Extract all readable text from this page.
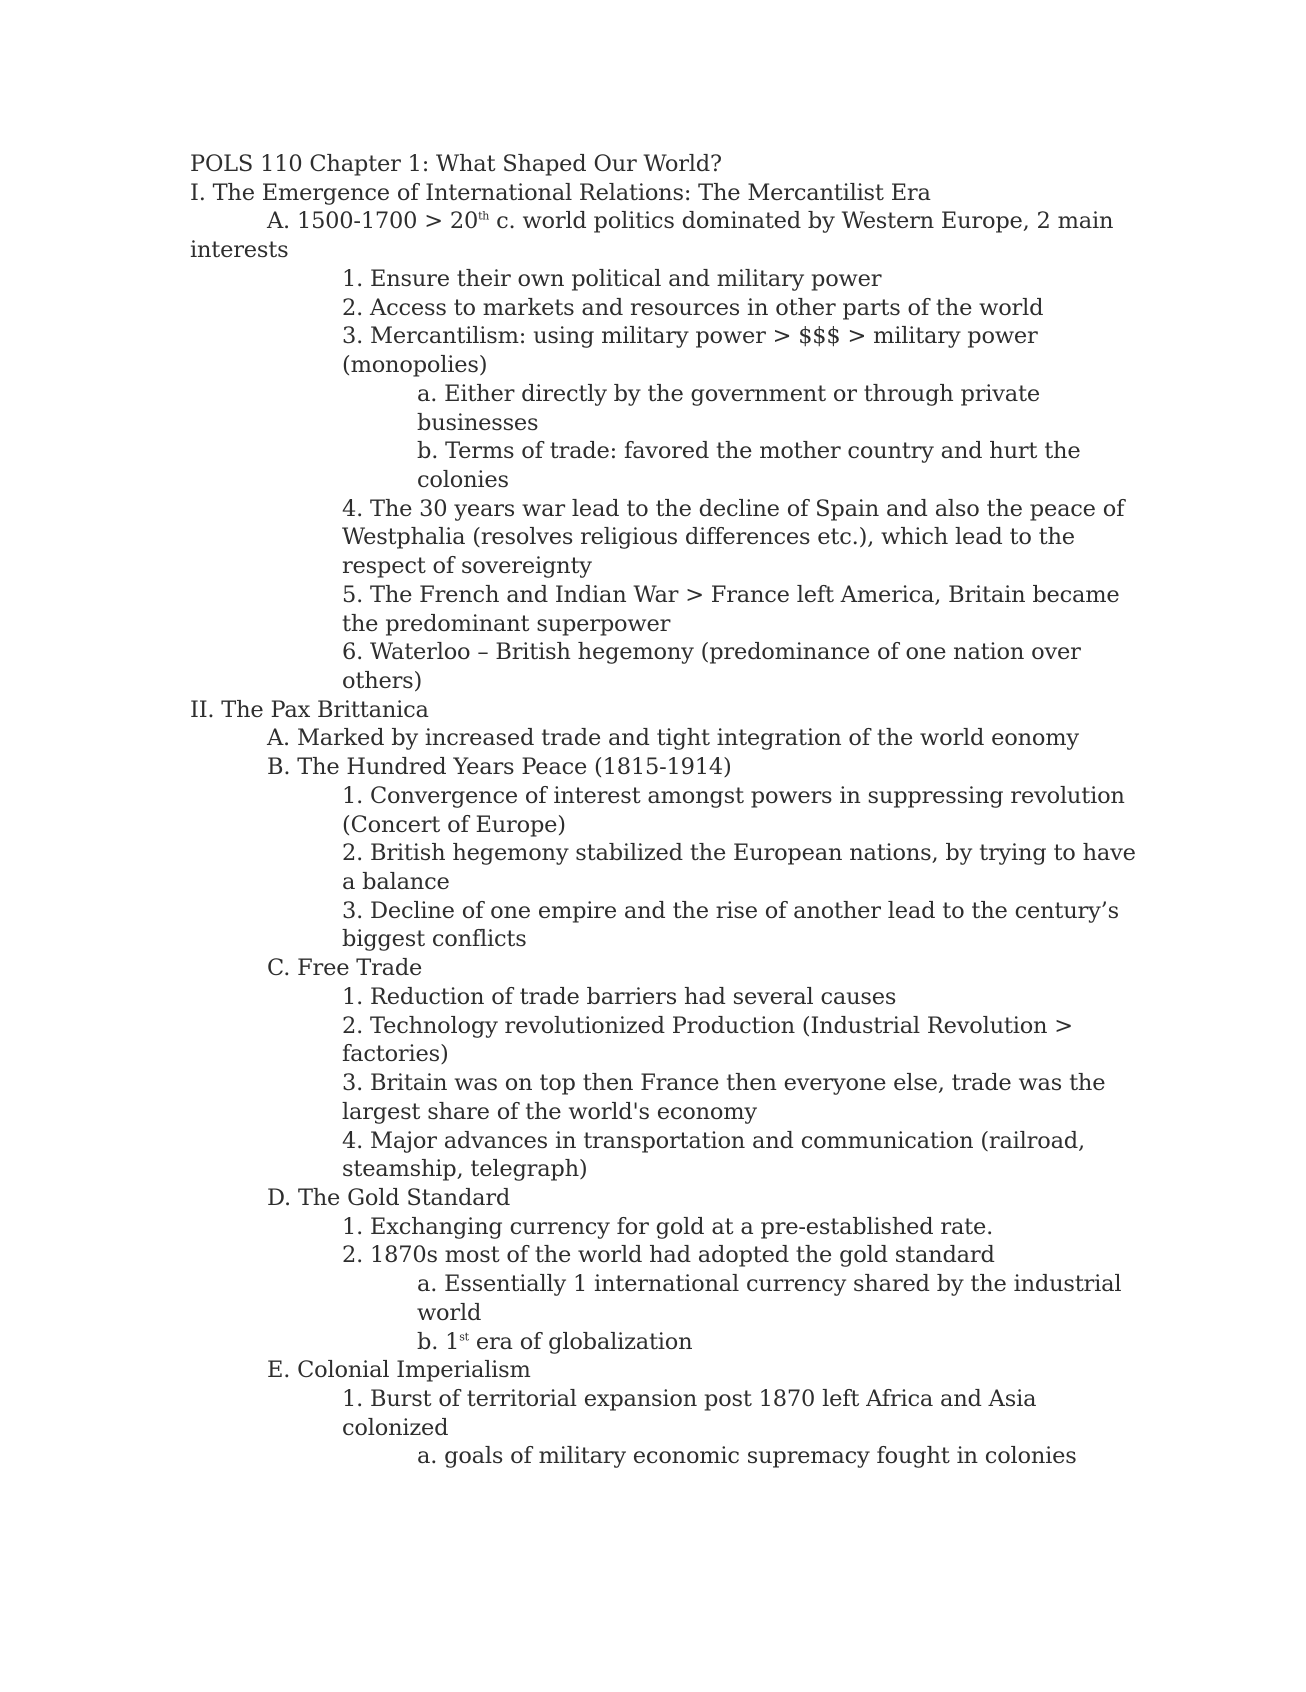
POLS 110 Chapter 1: What Shaped Our World?
I. The Emergence of International Relations: The Mercantilist Era
A. 1500-1700 > 20th c. world politics dominated by Western Europe, 2 main
interests
1. Ensure their own political and military power
2. Access to markets and resources in other parts of the world
3. Mercantilism: using military power > $$$ > military power
(monopolies)
a. Either directly by the government or through private
businesses
b. Terms of trade: favored the mother country and hurt the
colonies
4. The 30 years war lead to the decline of Spain and also the peace of
Westphalia (resolves religious differences etc.), which lead to the
respect of sovereignty
5. The French and Indian War > France left America, Britain became
the predominant superpower
6. Waterloo – British hegemony (predominance of one nation over
others)
II. The Pax Brittanica
A. Marked by increased trade and tight integration of the world eonomy
B. The Hundred Years Peace (1815-1914)
1. Convergence of interest amongst powers in suppressing revolution
(Concert of Europe)
2. British hegemony stabilized the European nations, by trying to have
a balance
3. Decline of one empire and the rise of another lead to the century’s
biggest conflicts
C. Free Trade
1. Reduction of trade barriers had several causes
2. Technology revolutionized Production (Industrial Revolution >
factories)
3. Britain was on top then France then everyone else, trade was the
largest share of the world's economy
4. Major advances in transportation and communication (railroad,
steamship, telegraph)
D. The Gold Standard
1. Exchanging currency for gold at a pre-established rate.
2. 1870s most of the world had adopted the gold standard
a. Essentially 1 international currency shared by the industrial
world
b. 1st era of globalization
E. Colonial Imperialism
1. Burst of territorial expansion post 1870 left Africa and Asia
colonized
a. goals of military economic supremacy fought in colonies
